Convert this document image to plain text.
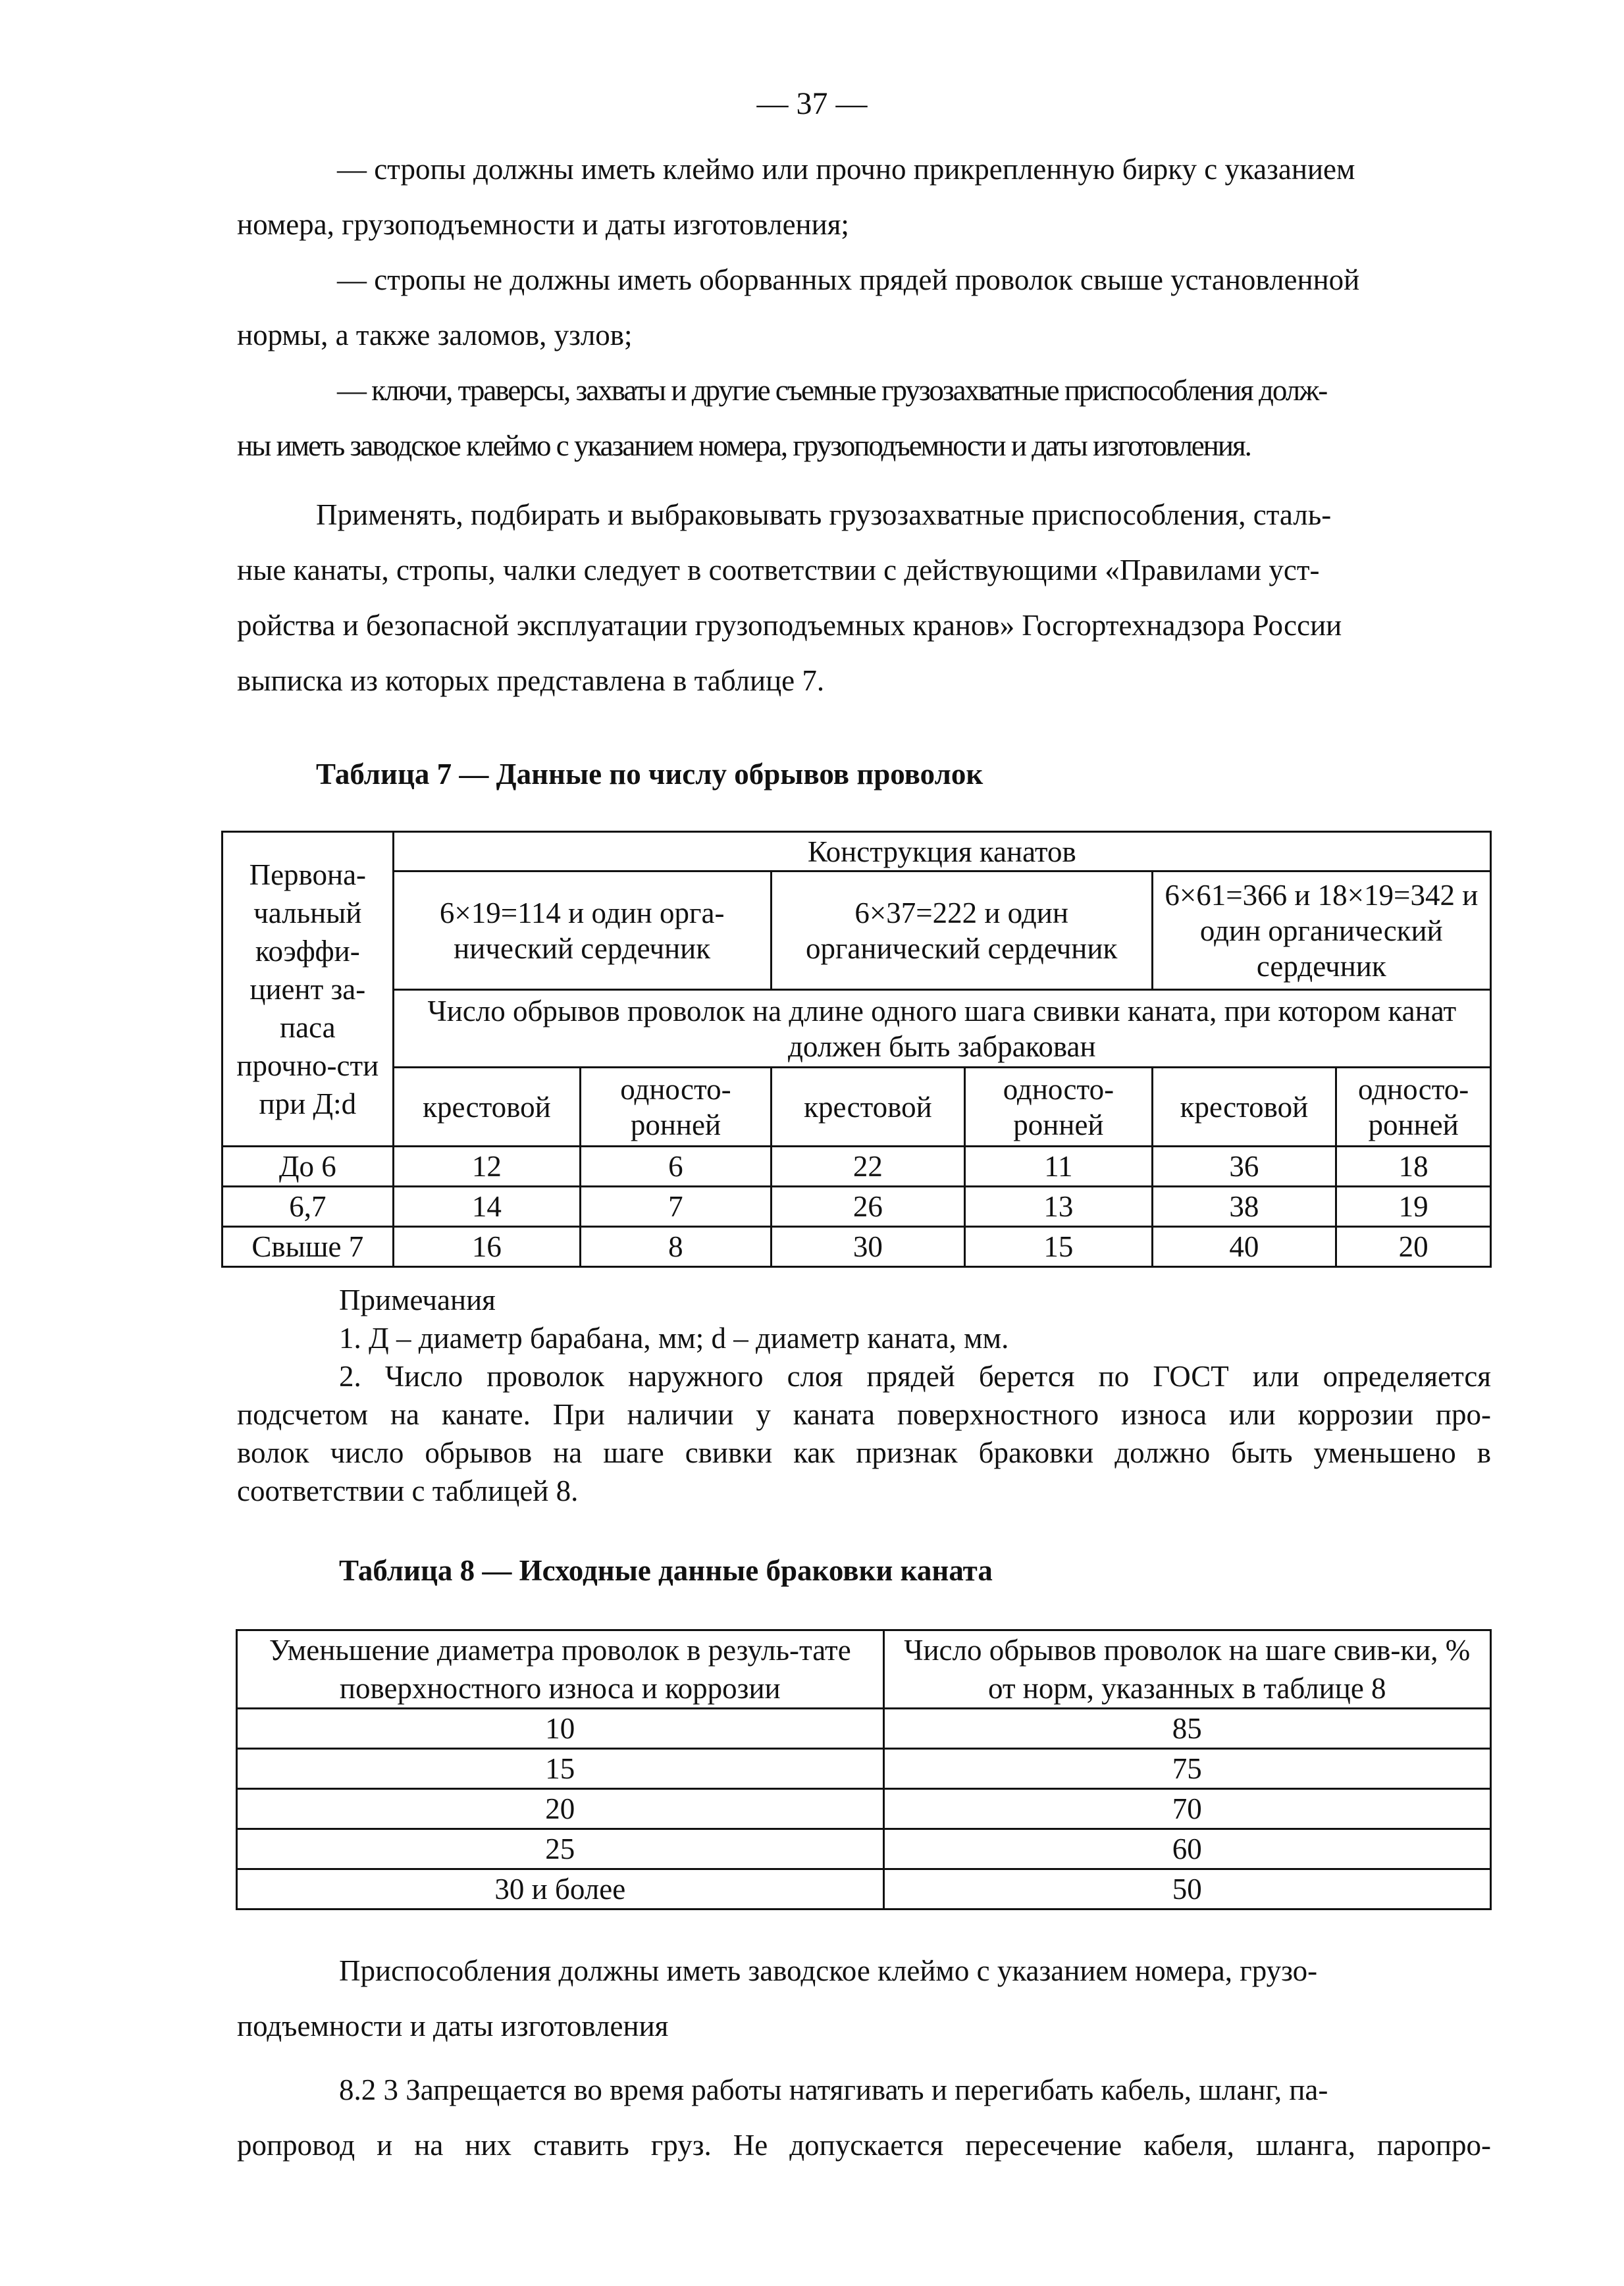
— 37 —

— стропы должны иметь клеймо или прочно прикрепленную бирку с указанием

номера, грузоподъемности и даты изготовления;

— стропы не должны иметь оборванных прядей проволок свыше установленной

нормы, а также заломов, узлов;

— ключи, траверсы, захваты и другие съемные грузозахватные приспособления долж-

ны иметь заводское клеймо с указанием номера, грузоподъемности и даты изготовления.

Применять, подбирать и выбраковывать грузозахватные приспособления, сталь-

ные канаты, стропы, чалки следует в соответствии с действующими «Правилами уст-

ройства и безопасной эксплуатации грузоподъемных кранов» Госгортехнадзора России

выписка из которых представлена в таблице 7.

Таблица 7 — Данные по числу обрывов проволок
Первона-чальный коэффи-циент за-паса прочно-сти при Д:d	Конструкция канатов					
	6×19=114 и один орга-нический сердечник		6×37=222 и один органический сердечник		6×61=366 и 18×19=342 и один органический сердечник	
	Число обрывов проволок на длине одного шага свивки каната, при котором канат должен быть забракован					
	крестовой	односто-ронней	крестовой	односто-ронней	крестовой	односто-ронней
До 6	12	6	22	11	36	18
6,7	14	7	26	13	38	19
Свыше 7	16	8	30	15	40	20

Примечания

1. Д – диаметр барабана, мм; d – диаметр каната, мм.

2. Число проволок наружного слоя прядей берется по ГОСТ или определяется

подсчетом на канате. При наличии у каната поверхностного износа или коррозии про-

волок число обрывов на шаге свивки как признак браковки должно быть уменьшено в

соответствии с таблицей 8.

Таблица 8 — Исходные данные браковки каната
Уменьшение диаметра проволок в резуль-тате поверхностного износа и коррозии	Число обрывов проволок на шаге свив-ки, % от норм, указанных в таблице 8
10	85
15	75
20	70
25	60
30 и более	50

Приспособления должны иметь заводское клеймо с указанием номера, грузо-

подъемности и даты изготовления

8.2 3 Запрещается во время работы натягивать и перегибать кабель, шланг, па-

ропровод и на них ставить груз. Не допускается пересечение кабеля, шланга, паропро-
